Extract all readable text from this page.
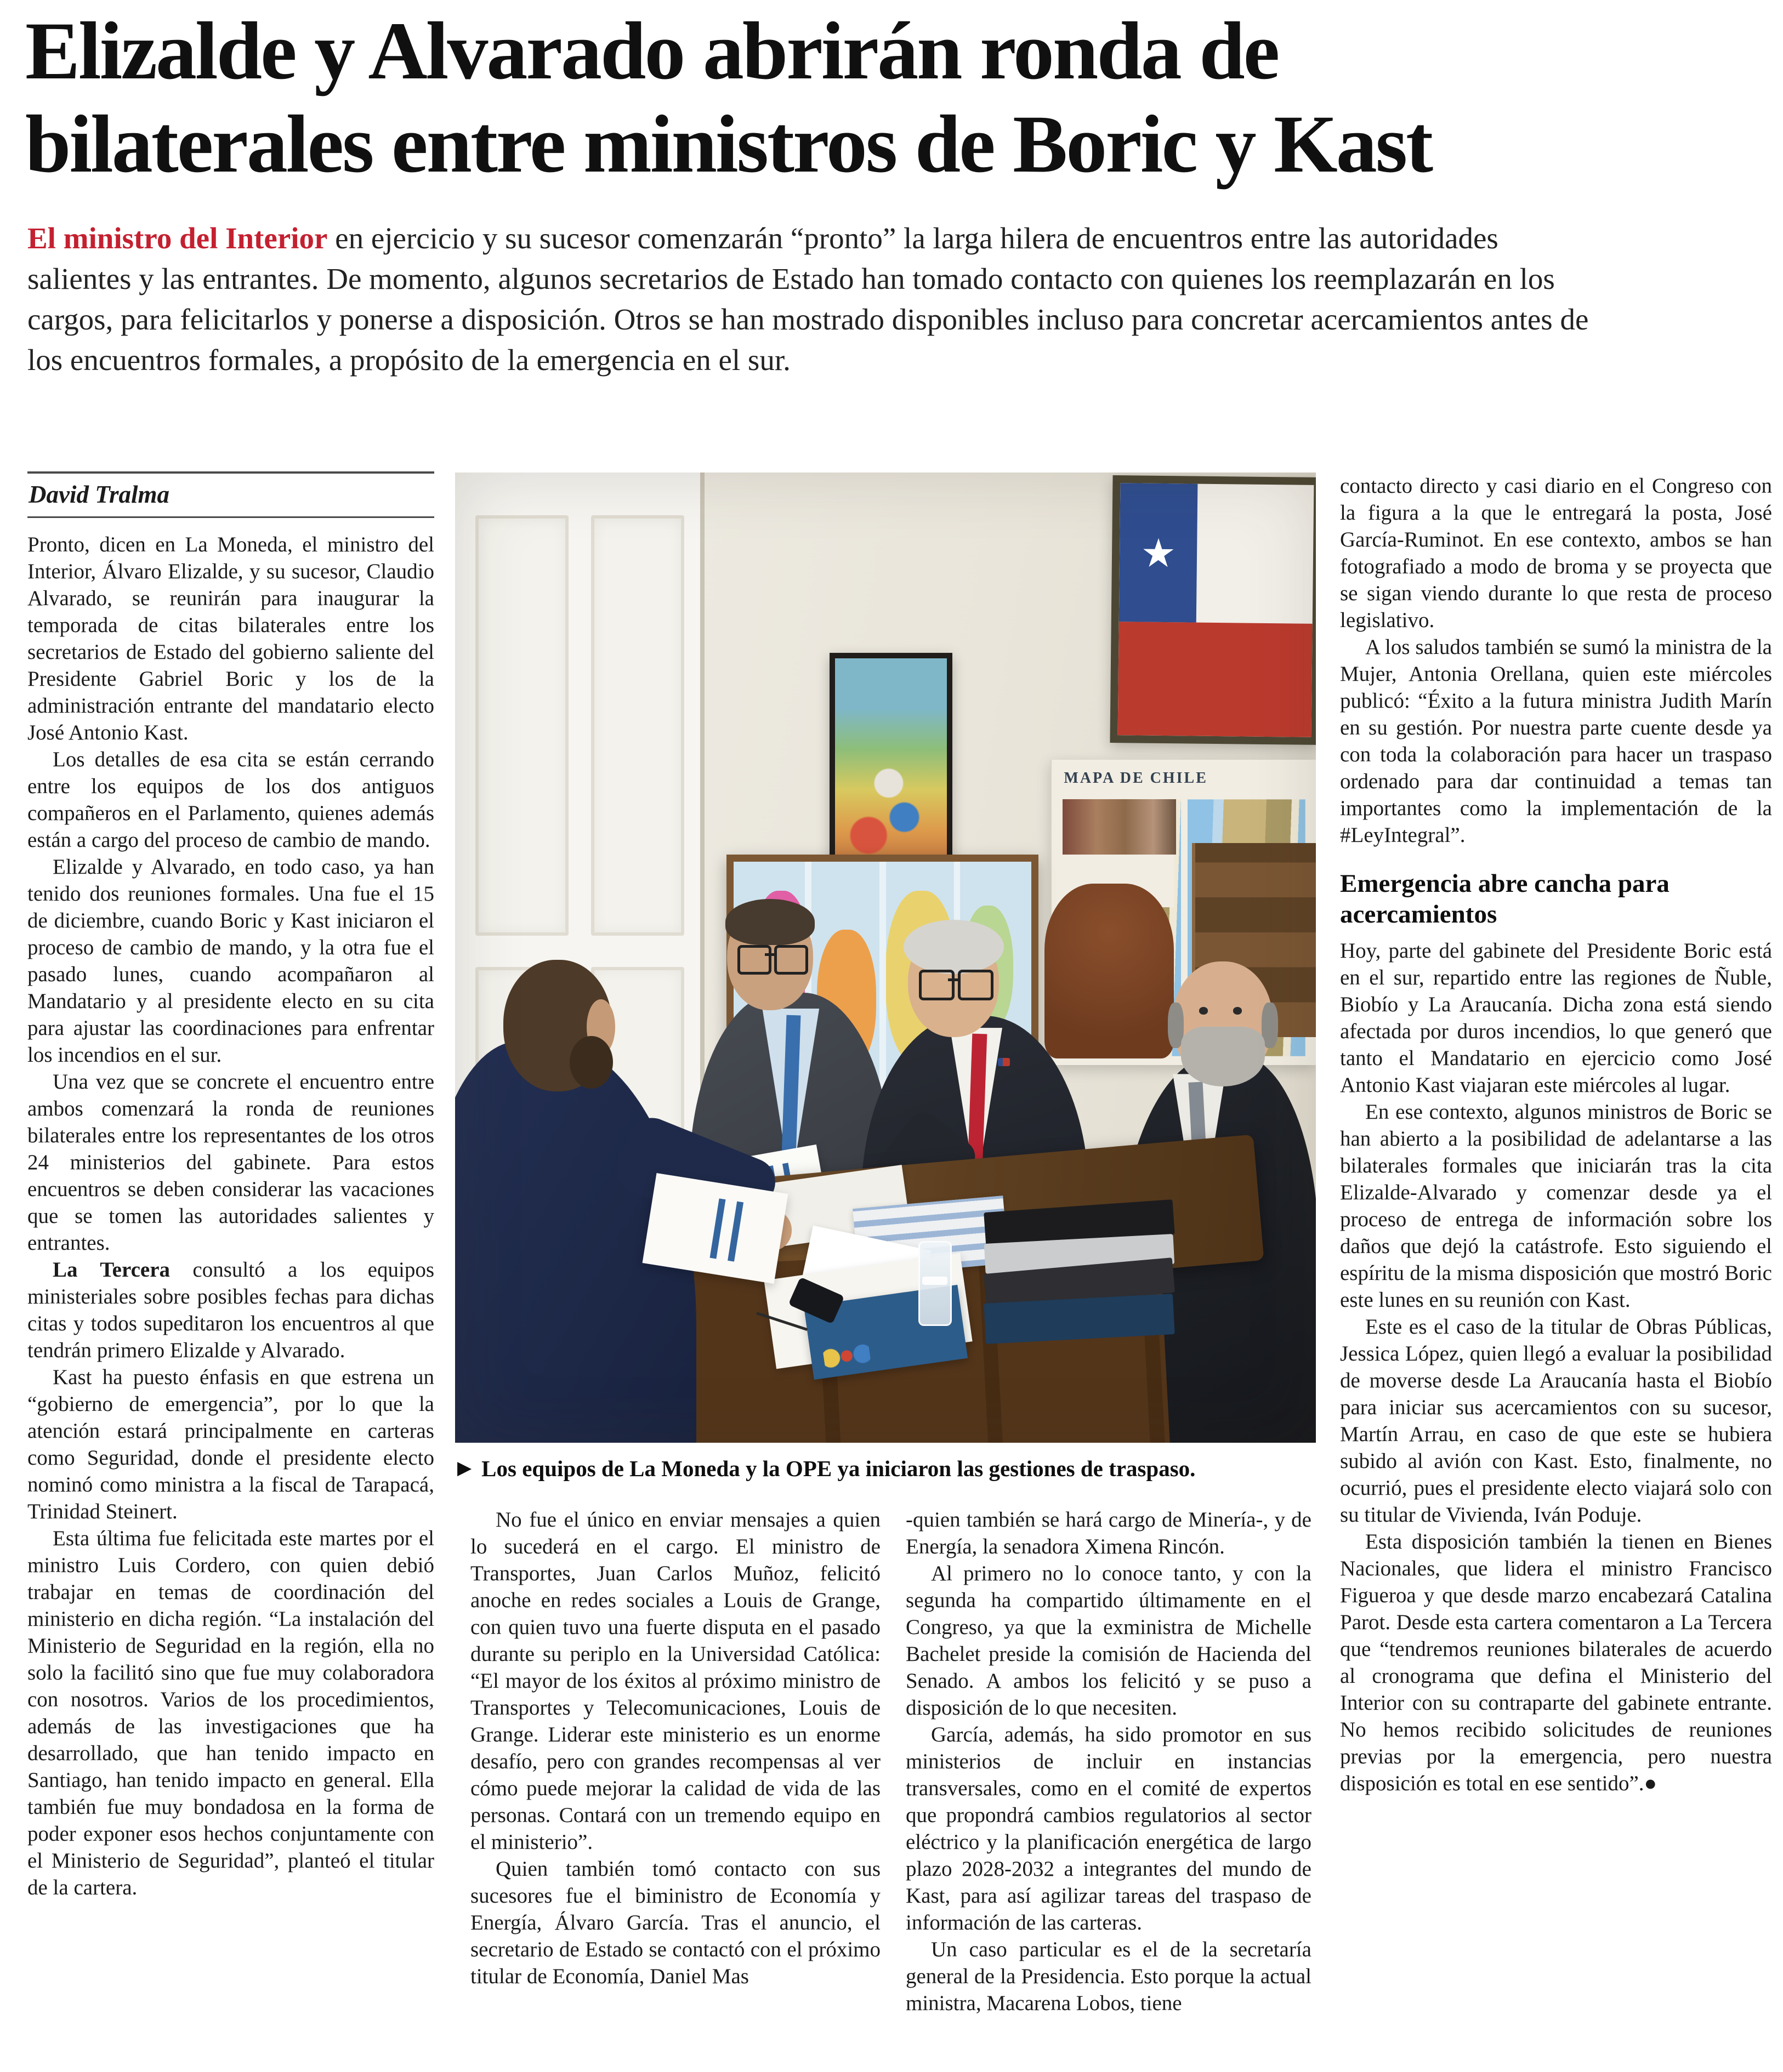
Elizalde y Alvarado abrirán ronda de
bilaterales entre ministros de Boric y Kast
El ministro del Interior en ejercicio y su sucesor comenzarán “pronto” la larga hilera de encuentros entre las autoridades salientes y las entrantes. De momento, algunos secretarios de Estado han tomado contacto con quienes los reemplazarán en los cargos, para felicitarlos y ponerse a disposición. Otros se han mostrado disponibles incluso para concretar acercamientos antes de los encuentros formales, a propósito de la emergencia en el sur.
David Tralma

Pronto, dicen en La Moneda, el ministro del Interior, Álvaro Elizalde, y su sucesor, Claudio Alvarado, se reunirán para inaugurar la temporada de citas bilaterales entre los secretarios de Estado del gobierno saliente del Presidente Gabriel Boric y los de la administración entrante del mandatario electo José Antonio Kast.

Los detalles de esa cita se están cerrando entre los equipos de los dos antiguos compañeros en el Parlamento, quienes además están a cargo del proceso de cambio de mando.

Elizalde y Alvarado, en todo caso, ya han tenido dos reuniones formales. Una fue el 15 de diciembre, cuando Boric y Kast iniciaron el proceso de cambio de mando, y la otra fue el pasado lunes, cuando acompañaron al Mandatario y al presidente electo en su cita para ajustar las coordinaciones para enfrentar los incendios en el sur.

Una vez que se concrete el encuentro entre ambos comenzará la ronda de reuniones bilaterales entre los representantes de los otros 24 ministerios del gabinete. Para estos encuentros se deben considerar las vacaciones que se tomen las autoridades salientes y entrantes.

La Tercera consultó a los equipos ministeriales sobre posibles fechas para dichas citas y todos supeditaron los encuentros al que tendrán primero Elizalde y Alvarado.

Kast ha puesto énfasis en que estrena un “gobierno de emergencia”, por lo que la atención estará principalmente en carteras como Seguridad, donde el presidente electo nominó como ministra a la fiscal de Tarapacá, Trinidad Steinert.

Esta última fue felicitada este martes por el ministro Luis Cordero, con quien debió trabajar en temas de coordinación del ministerio en dicha región. “La instalación del Ministerio de Seguridad en la región, ella no solo la facilitó sino que fue muy colaboradora con nosotros. Varios de los procedimientos, además de las investigaciones que ha desarrollado, que han tenido impacto en Santiago, han tenido impacto en general. Ella también fue muy bondadosa en la forma de poder exponer esos hechos conjuntamente con el Ministerio de Seguridad”, planteó el titular de la cartera.

★
MAPA DE CHILE
▶ Los equipos de La Moneda y la OPE ya iniciaron las gestiones de traspaso.

No fue el único en enviar mensajes a quien lo sucederá en el cargo. El ministro de Transportes, Juan Carlos Muñoz, felicitó anoche en redes sociales a Louis de Grange, con quien tuvo una fuerte disputa en el pasado durante su periplo en la Universidad Católica: “El mayor de los éxitos al próximo ministro de Transportes y Telecomunicaciones, Louis de Grange. Liderar este ministerio es un enorme desafío, pero con grandes recompensas al ver cómo puede mejorar la calidad de vida de las personas. Contará con un tremendo equipo en el ministerio”.

Quien también tomó contacto con sus sucesores fue el biministro de Economía y Energía, Álvaro García. Tras el anuncio, el secretario de Estado se contactó con el próximo titular de Economía, Daniel Mas

-quien también se hará cargo de Minería-, y de Energía, la senadora Ximena Rincón.

Al primero no lo conoce tanto, y con la segunda ha compartido últimamente en el Congreso, ya que la exministra de Michelle Bachelet preside la comisión de Hacienda del Senado. A ambos los felicitó y se puso a disposición de lo que necesiten.

García, además, ha sido promotor en sus ministerios de incluir en instancias transversales, como en el comité de expertos que propondrá cambios regulatorios al sector eléctrico y la planificación energética de largo plazo 2028-2032 a integrantes del mundo de Kast, para así agilizar tareas del traspaso de información de las carteras.

Un caso particular es el de la secretaría general de la Presidencia. Esto porque la actual ministra, Macarena Lobos, tiene

contacto directo y casi diario en el Congreso con la figura a la que le entregará la posta, José García-Ruminot. En ese contexto, ambos se han fotografiado a modo de broma y se proyecta que se sigan viendo durante lo que resta de proceso legislativo.

A los saludos también se sumó la ministra de la Mujer, Antonia Orellana, quien este miércoles publicó: “Éxito a la futura ministra Judith Marín en su gestión. Por nuestra parte cuente desde ya con toda la colaboración para hacer un traspaso ordenado para dar continuidad a temas tan importantes como la implementación de la #LeyIntegral”.

Emergencia abre cancha para acercamientos

Hoy, parte del gabinete del Presidente Boric está en el sur, repartido entre las regiones de Ñuble, Biobío y La Araucanía. Dicha zona está siendo afectada por duros incendios, lo que generó que tanto el Mandatario en ejercicio como José Antonio Kast viajaran este miércoles al lugar.

En ese contexto, algunos ministros de Boric se han abierto a la posibilidad de adelantarse a las bilaterales formales que iniciarán tras la cita Elizalde-Alvarado y comenzar desde ya el proceso de entrega de información sobre los daños que dejó la catástrofe. Esto siguiendo el espíritu de la misma disposición que mostró Boric este lunes en su reunión con Kast.

Este es el caso de la titular de Obras Públicas, Jessica López, quien llegó a evaluar la posibilidad de moverse desde La Araucanía hasta el Biobío para iniciar sus acercamientos con su sucesor, Martín Arrau, en caso de que este se hubiera subido al avión con Kast. Esto, finalmente, no ocurrió, pues el presidente electo viajará solo con su titular de Vivienda, Iván Poduje.

Esta disposición también la tienen en Bienes Nacionales, que lidera el ministro Francisco Figueroa y que desde marzo encabezará Catalina Parot. Desde esta cartera comentaron a La Tercera que “tendremos reuniones bilaterales de acuerdo al cronograma que defina el Ministerio del Interior con su contraparte del gabinete entrante. No hemos recibido solicitudes de reuniones previas por la emergencia, pero nuestra disposición es total en ese sentido”.●
